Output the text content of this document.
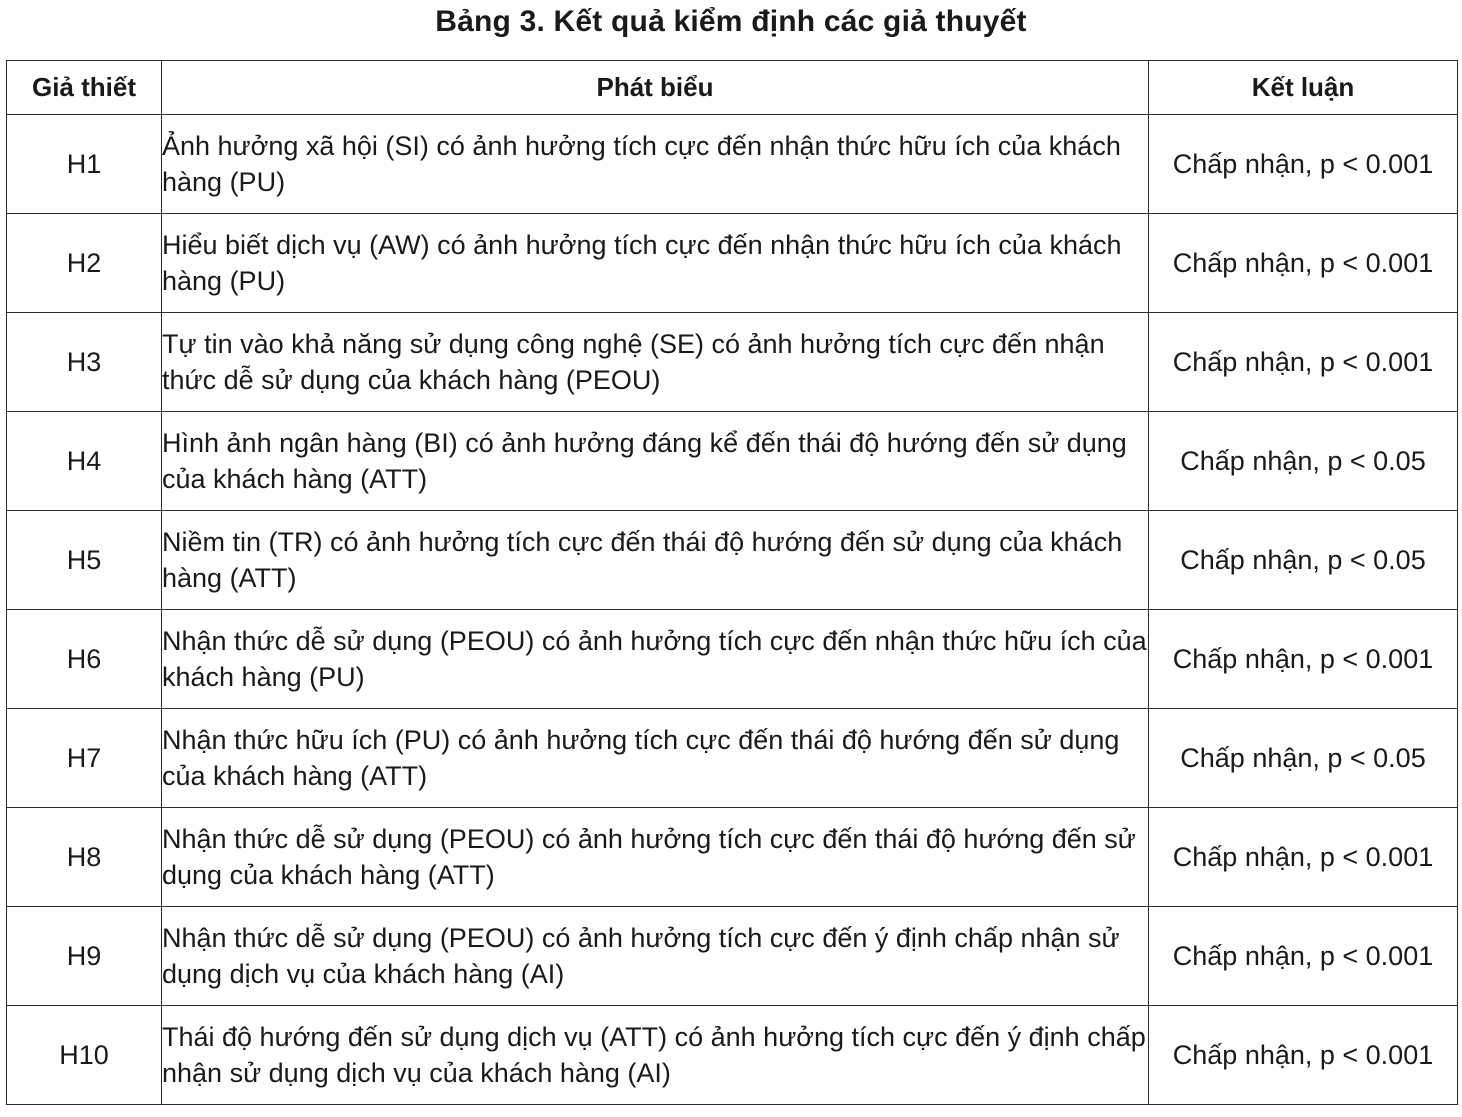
Bảng 3. Kết quả kiểm định các giả thuyết
Giả thiết	Phát biểu	Kết luận
H1	Ảnh hưởng xã hội (SI) có ảnh hưởng tích cực đến nhận thức hữu ích của khách hàng (PU)	Chấp nhận, p < 0.001
H2	Hiểu biết dịch vụ (AW) có ảnh hưởng tích cực đến nhận thức hữu ích của khách hàng (PU)	Chấp nhận, p < 0.001
H3	Tự tin vào khả năng sử dụng công nghệ (SE) có ảnh hưởng tích cực đến nhận thức dễ sử dụng của khách hàng (PEOU)	Chấp nhận, p < 0.001
H4	Hình ảnh ngân hàng (BI) có ảnh hưởng đáng kể đến thái độ hướng đến sử dụng của khách hàng (ATT)	Chấp nhận, p < 0.05
H5	Niềm tin (TR) có ảnh hưởng tích cực đến thái độ hướng đến sử dụng của khách hàng (ATT)	Chấp nhận, p < 0.05
H6	Nhận thức dễ sử dụng (PEOU) có ảnh hưởng tích cực đến nhận thức hữu ích của khách hàng (PU)	Chấp nhận, p < 0.001
H7	Nhận thức hữu ích (PU) có ảnh hưởng tích cực đến thái độ hướng đến sử dụng của khách hàng (ATT)	Chấp nhận, p < 0.05
H8	Nhận thức dễ sử dụng (PEOU) có ảnh hưởng tích cực đến thái độ hướng đến sử dụng của khách hàng (ATT)	Chấp nhận, p < 0.001
H9	Nhận thức dễ sử dụng (PEOU) có ảnh hưởng tích cực đến ý định chấp nhận sử dụng dịch vụ của khách hàng (AI)	Chấp nhận, p < 0.001
H10	Thái độ hướng đến sử dụng dịch vụ (ATT) có ảnh hưởng tích cực đến ý định chấp nhận sử dụng dịch vụ của khách hàng (AI)	Chấp nhận, p < 0.001
